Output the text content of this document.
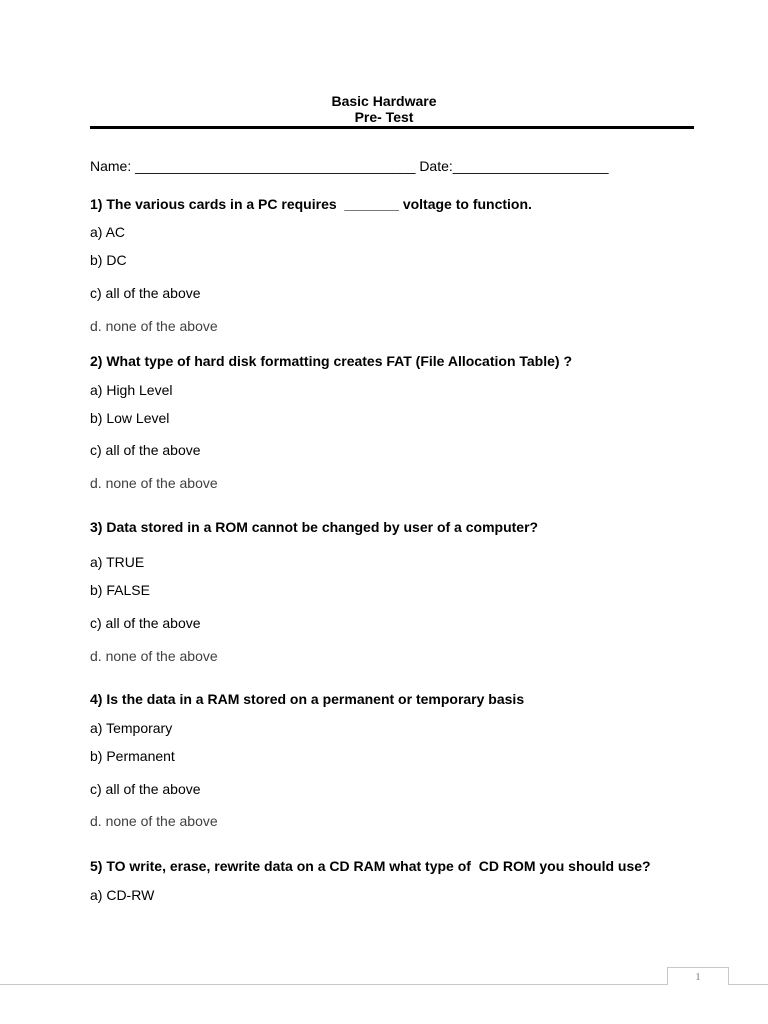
Basic Hardware
Pre- Test
Name: ____________________________________ Date:____________________
1) The various cards in a PC requires  _______ voltage to function.
a) AC
b) DC
c) all of the above
d. none of the above
2) What type of hard disk formatting creates FAT (File Allocation Table) ?
a) High Level
b) Low Level
c) all of the above
d. none of the above
3) Data stored in a ROM cannot be changed by user of a computer?
a) TRUE
b) FALSE
c) all of the above
d. none of the above
4) Is the data in a RAM stored on a permanent or temporary basis
a) Temporary
b) Permanent
c) all of the above
d. none of the above
5) TO write, erase, rewrite data on a CD RAM what type of  CD ROM you should use?
a) CD-RW
1
